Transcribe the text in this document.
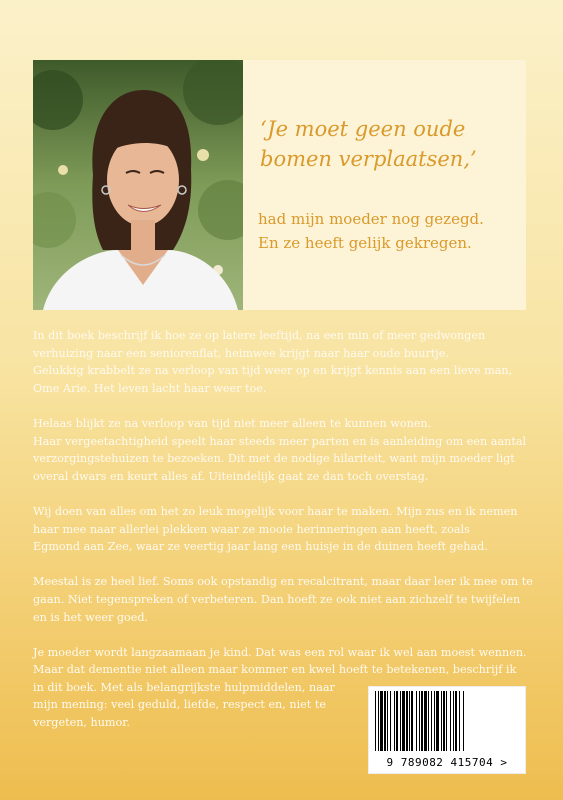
‘Je moet geen oude
bomen verplaatsen,’

had mijn moeder nog gezegd.
En ze heeft gelijk gekregen.

In dit boek beschrijf ik hoe ze op latere leeftijd, na een min of meer gedwongen
verhuizing naar een seniorenflat, heimwee krijgt naar haar oude buurtje.
Gelukkig krabbelt ze na verloop van tijd weer op en krijgt kennis aan een lieve man,
Ome Arie. Het leven lacht haar weer toe.

Helaas blijkt ze na verloop van tijd niet meer alleen te kunnen wonen.
Haar vergeetachtigheid speelt haar steeds meer parten en is aanleiding om een aantal
verzorgingstehuizen te bezoeken. Dit met de nodige hilariteit, want mijn moeder ligt
overal dwars en keurt alles af. Uiteindelijk gaat ze dan toch overstag.

Wij doen van alles om het zo leuk mogelijk voor haar te maken. Mijn zus en ik nemen
haar mee naar allerlei plekken waar ze mooie herinneringen aan heeft, zoals
Egmond aan Zee, waar ze veertig jaar lang een huisje in de duinen heeft gehad.

Meestal is ze heel lief. Soms ook opstandig en recalcitrant, maar daar leer ik mee om te
gaan. Niet tegenspreken of verbeteren. Dan hoeft ze ook niet aan zichzelf te twijfelen
en is het weer goed.

Je moeder wordt langzaamaan je kind. Dat was een rol waar ik wel aan moest wennen.
Maar dat dementie niet alleen maar kommer en kwel hoeft te betekenen, beschrijf ik
in dit boek. Met als belangrijkste hulpmiddelen, naar
mijn mening: veel geduld, liefde, respect en, niet te
vergeten, humor.

9 789082 415704 >
